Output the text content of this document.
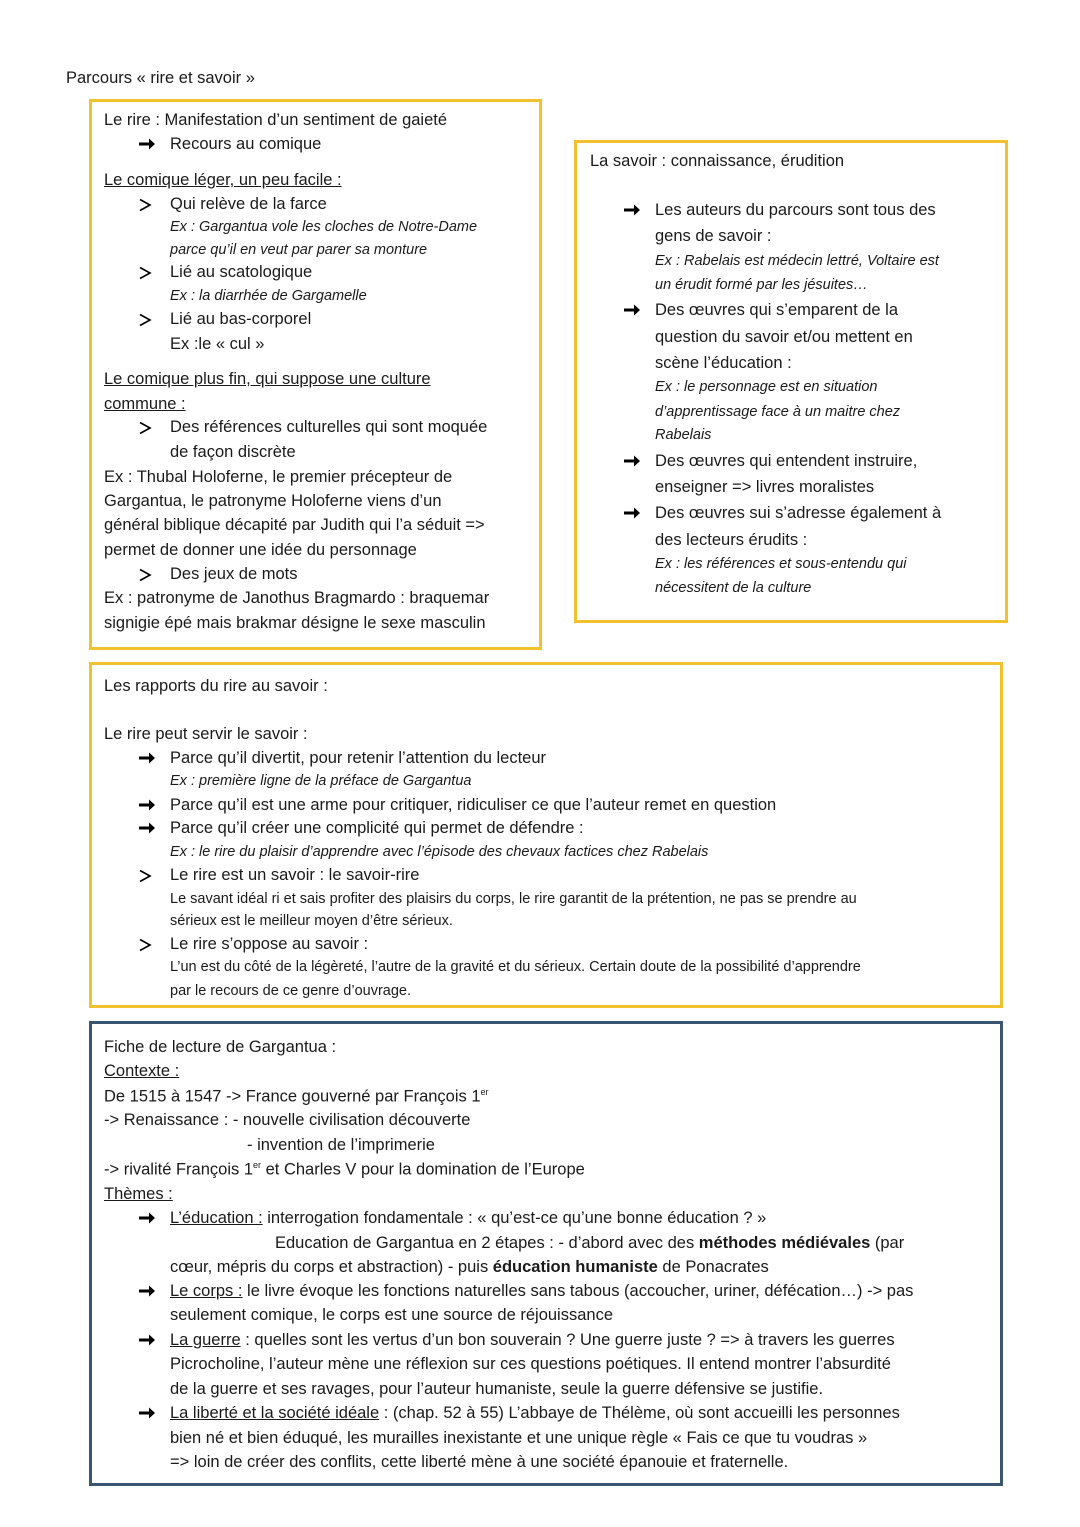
Parcours « rire et savoir »
Le rire : Manifestation d’un sentiment de gaieté
Recours au comique
Le comique léger, un peu facile :
Qui relève de la farce
Ex : Gargantua vole les cloches de Notre-Dame
parce qu’il en veut par parer sa monture
Lié au scatologique
Ex : la diarrhée de Gargamelle
Lié au bas-corporel
Ex :le « cul »
Le comique plus fin, qui suppose une culture
commune :
Des références culturelles qui sont moquée
de façon discrète
Ex : Thubal Holoferne, le premier précepteur de
Gargantua, le patronyme Holoferne viens d’un
général biblique décapité par Judith qui l’a séduit =>
permet de donner une idée du personnage
Des jeux de mots
Ex : patronyme de Janothus Bragmardo : braquemar
signigie épé mais brakmar désigne le sexe masculin
La savoir : connaissance, érudition
Les auteurs du parcours sont tous des
gens de savoir :
Ex : Rabelais est médecin lettré, Voltaire est
un érudit formé par les jésuites…
Des œuvres qui s’emparent de la
question du savoir et/ou mettent en
scène l’éducation :
Ex : le personnage est en situation
d’apprentissage face à un maitre chez
Rabelais
Des œuvres qui entendent instruire,
enseigner => livres moralistes
Des œuvres sui s’adresse également à
des lecteurs érudits :
Ex : les références et sous-entendu qui
nécessitent de la culture
Les rapports du rire au savoir :
Le rire peut servir le savoir :
Parce qu’il divertit, pour retenir l’attention du lecteur
Ex : première ligne de la préface de Gargantua
Parce qu’il est une arme pour critiquer, ridiculiser ce que l’auteur remet en question
Parce qu’il créer une complicité qui permet de défendre :
Ex : le rire du plaisir d’apprendre avec l’épisode des chevaux factices chez Rabelais
Le rire est un savoir : le savoir-rire
Le savant idéal ri et sais profiter des plaisirs du corps, le rire garantit de la prétention, ne pas se prendre au
sérieux est le meilleur moyen d’être sérieux.
Le rire s’oppose au savoir :
L’un est du côté de la légèreté, l’autre de la gravité et du sérieux. Certain doute de la possibilité d’apprendre
par le recours de ce genre d’ouvrage.
Fiche de lecture de Gargantua :
Contexte :
De 1515 à 1547 -> France gouverné par François 1er
-> Renaissance : - nouvelle civilisation découverte
- invention de l’imprimerie
-> rivalité François 1er et Charles V pour la domination de l’Europe
Thèmes :
L’éducation : interrogation fondamentale : « qu’est-ce qu’une bonne éducation ? »
Education de Gargantua en 2 étapes : - d’abord avec des méthodes médiévales (par
cœur, mépris du corps et abstraction) - puis éducation humaniste de Ponacrates
Le corps : le livre évoque les fonctions naturelles sans tabous (accoucher, uriner, défécation…) -> pas
seulement comique, le corps est une source de réjouissance
La guerre : quelles sont les vertus d’un bon souverain ? Une guerre juste ? => à travers les guerres
Picrocholine, l’auteur mène une réflexion sur ces questions poétiques. Il entend montrer l’absurdité
de la guerre et ses ravages, pour l’auteur humaniste, seule la guerre défensive se justifie.
La liberté et la société idéale : (chap. 52 à 55) L’abbaye de Thélème, où sont accueilli les personnes
bien né et bien éduqué, les murailles inexistante et une unique règle « Fais ce que tu voudras »
=> loin de créer des conflits, cette liberté mène à une société épanouie et fraternelle.
